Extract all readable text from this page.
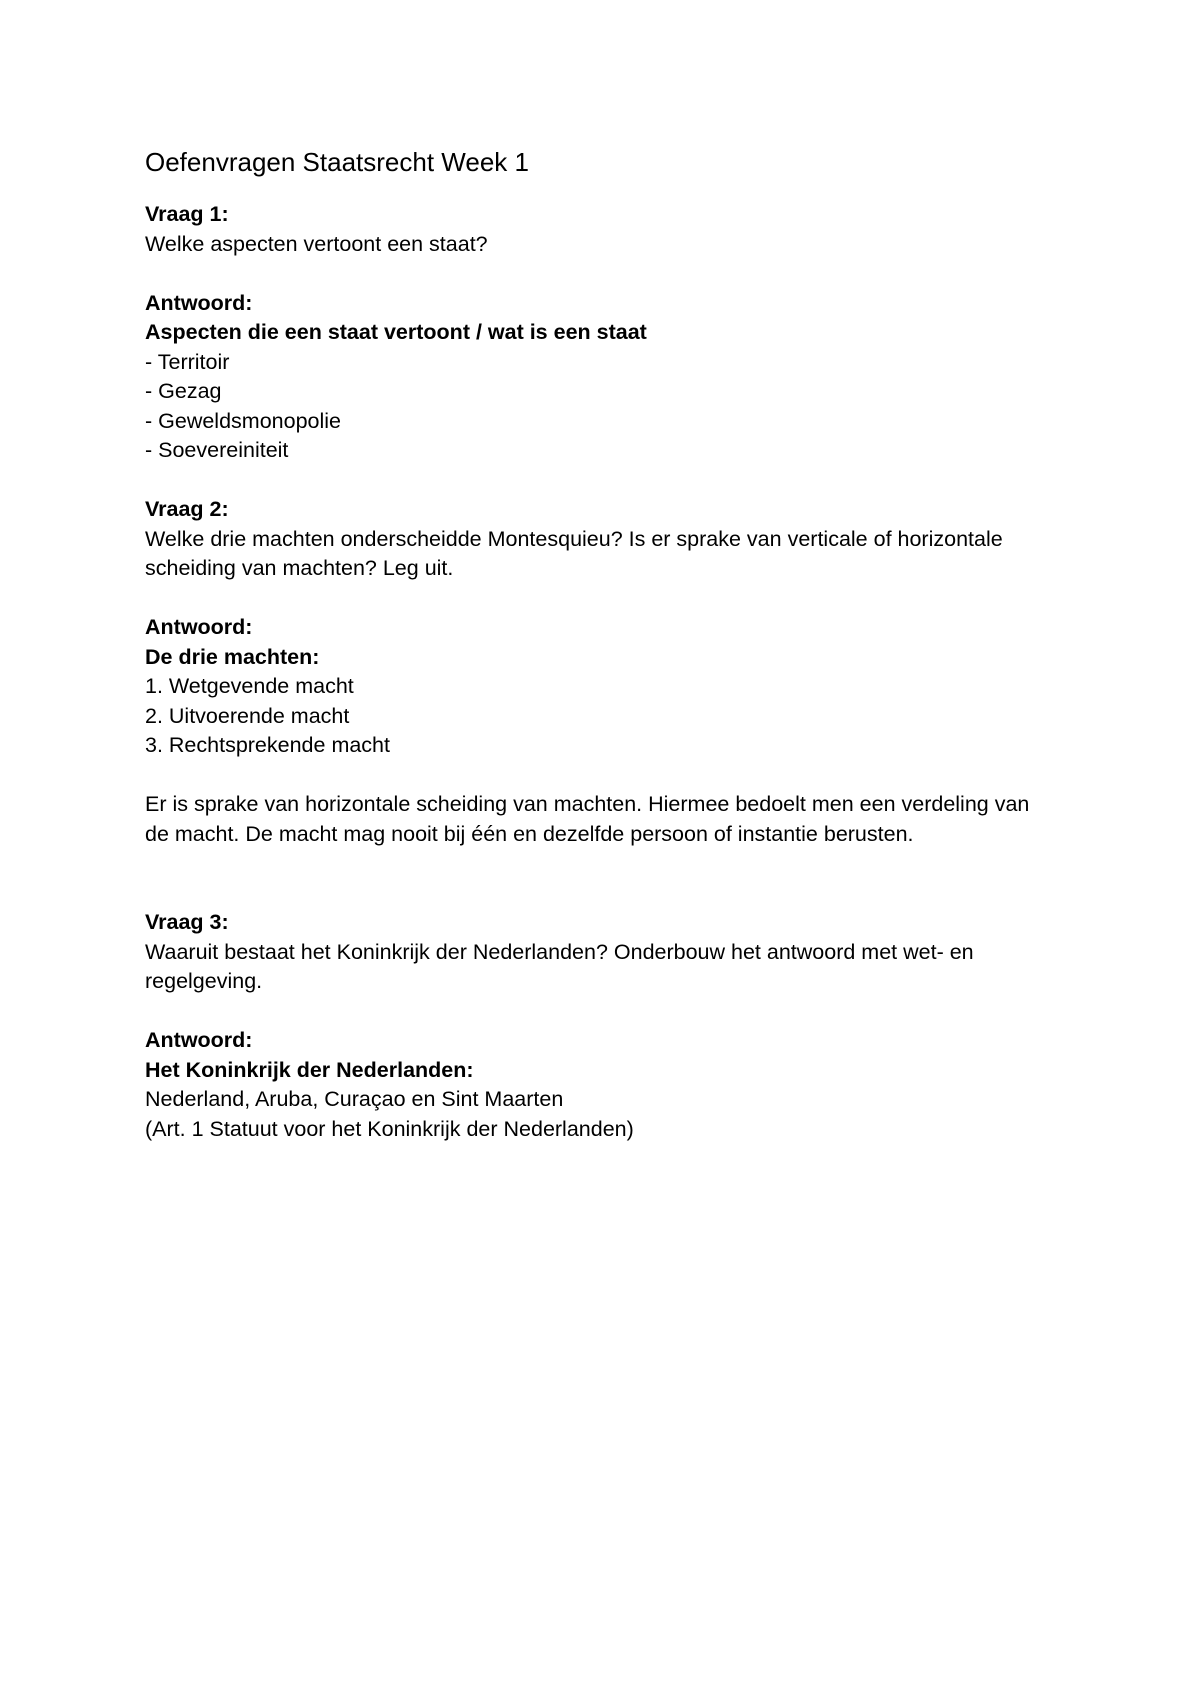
Oefenvragen Staatsrecht Week 1
Vraag 1:
Welke aspecten vertoont een staat?
Antwoord:
Aspecten die een staat vertoont / wat is een staat
- Territoir
- Gezag
- Geweldsmonopolie
- Soevereiniteit
Vraag 2:
Welke drie machten onderscheidde Montesquieu? Is er sprake van verticale of horizontale
scheiding van machten? Leg uit.
Antwoord:
De drie machten:
1. Wetgevende macht
2. Uitvoerende macht
3. Rechtsprekende macht
Er is sprake van horizontale scheiding van machten. Hiermee bedoelt men een verdeling van
de macht. De macht mag nooit bij één en dezelfde persoon of instantie berusten.
Vraag 3:
Waaruit bestaat het Koninkrijk der Nederlanden? Onderbouw het antwoord met wet- en
regelgeving.
Antwoord:
Het Koninkrijk der Nederlanden:
Nederland, Aruba, Curaçao en Sint Maarten
(Art. 1 Statuut voor het Koninkrijk der Nederlanden)
